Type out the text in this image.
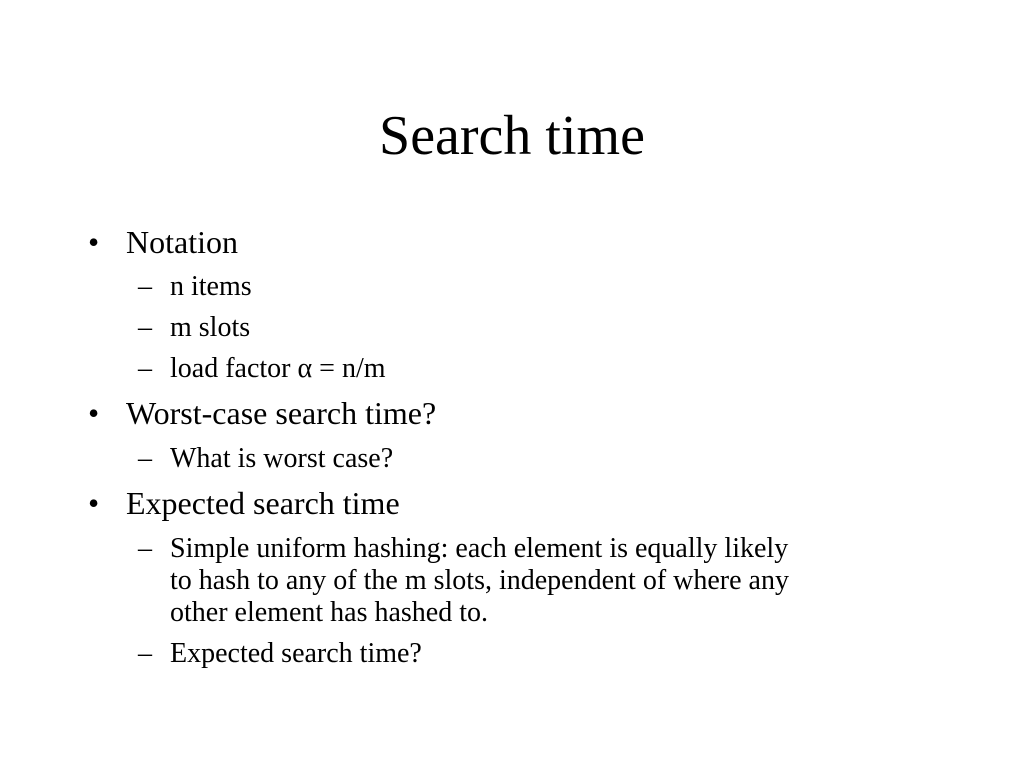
Search time
• Notation
– n items
– m slots
– load factor α = n/m
• Worst-case search time?
– What is worst case?
• Expected search time
– Simple uniform hashing: each element is equally likely
to hash to any of the m slots, independent of where any
other element has hashed to.
– Expected search time?
